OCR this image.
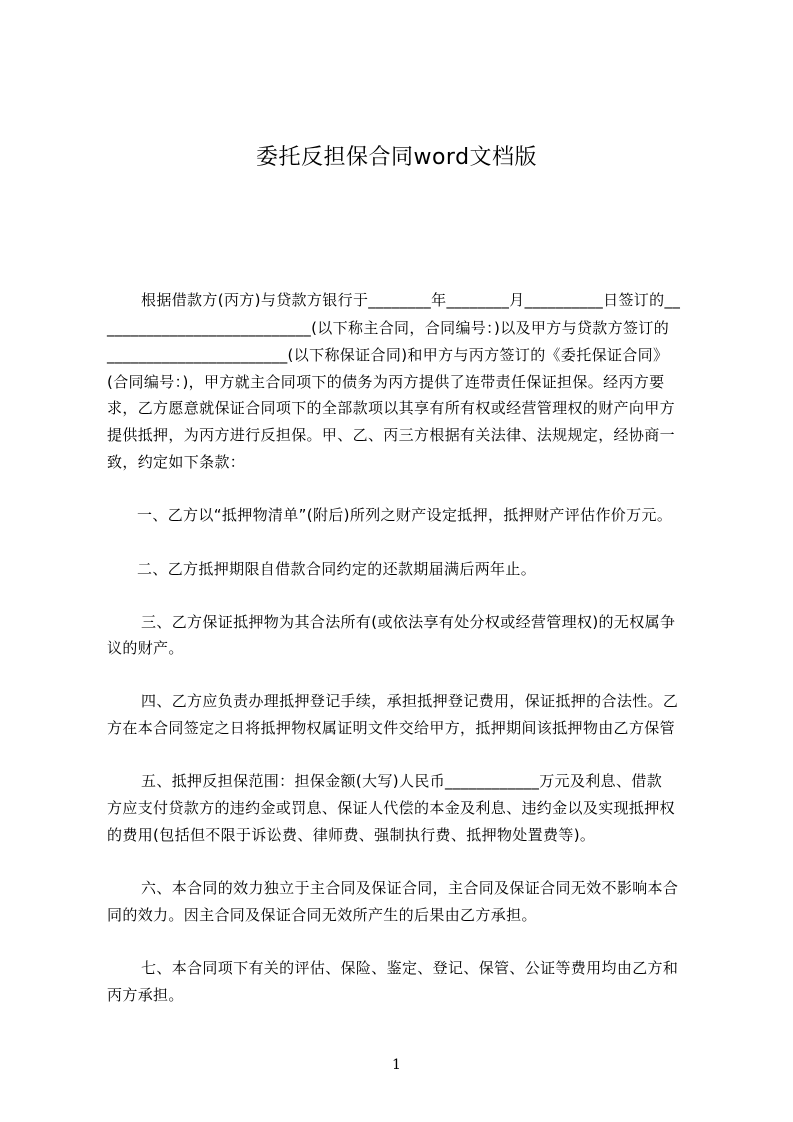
委托反担保合同word文档版
根据借款方(丙方)与贷款方银行于________年________月__________日签订的__
__________________________(以下称主合同，合同编号：)以及甲方与贷款方签订的
_______________________(以下称保证合同)和甲方与丙方签订的《委托保证合同》
(合同编号：)，甲方就主合同项下的债务为丙方提供了连带责任保证担保。经丙方要
求，乙方愿意就保证合同项下的全部款项以其享有所有权或经营管理权的财产向甲方
提供抵押，为丙方进行反担保。甲、乙、丙三方根据有关法律、法规规定，经协商一
致，约定如下条款：
一、乙方以“抵押物清单”(附后)所列之财产设定抵押，抵押财产评估作价万元。
二、乙方抵押期限自借款合同约定的还款期届满后两年止。
三、乙方保证抵押物为其合法所有(或依法享有处分权或经营管理权)的无权属争
议的财产。
四、乙方应负责办理抵押登记手续，承担抵押登记费用，保证抵押的合法性。乙
方在本合同签定之日将抵押物权属证明文件交给甲方，抵押期间该抵押物由乙方保管
五、抵押反担保范围：担保金额(大写)人民币____________万元及利息、借款
方应支付贷款方的违约金或罚息、保证人代偿的本金及利息、违约金以及实现抵押权
的费用(包括但不限于诉讼费、律师费、强制执行费、抵押物处置费等)。
六、本合同的效力独立于主合同及保证合同，主合同及保证合同无效不影响本合
同的效力。因主合同及保证合同无效所产生的后果由乙方承担。
七、本合同项下有关的评估、保险、鉴定、登记、保管、公证等费用均由乙方和
丙方承担。
1
